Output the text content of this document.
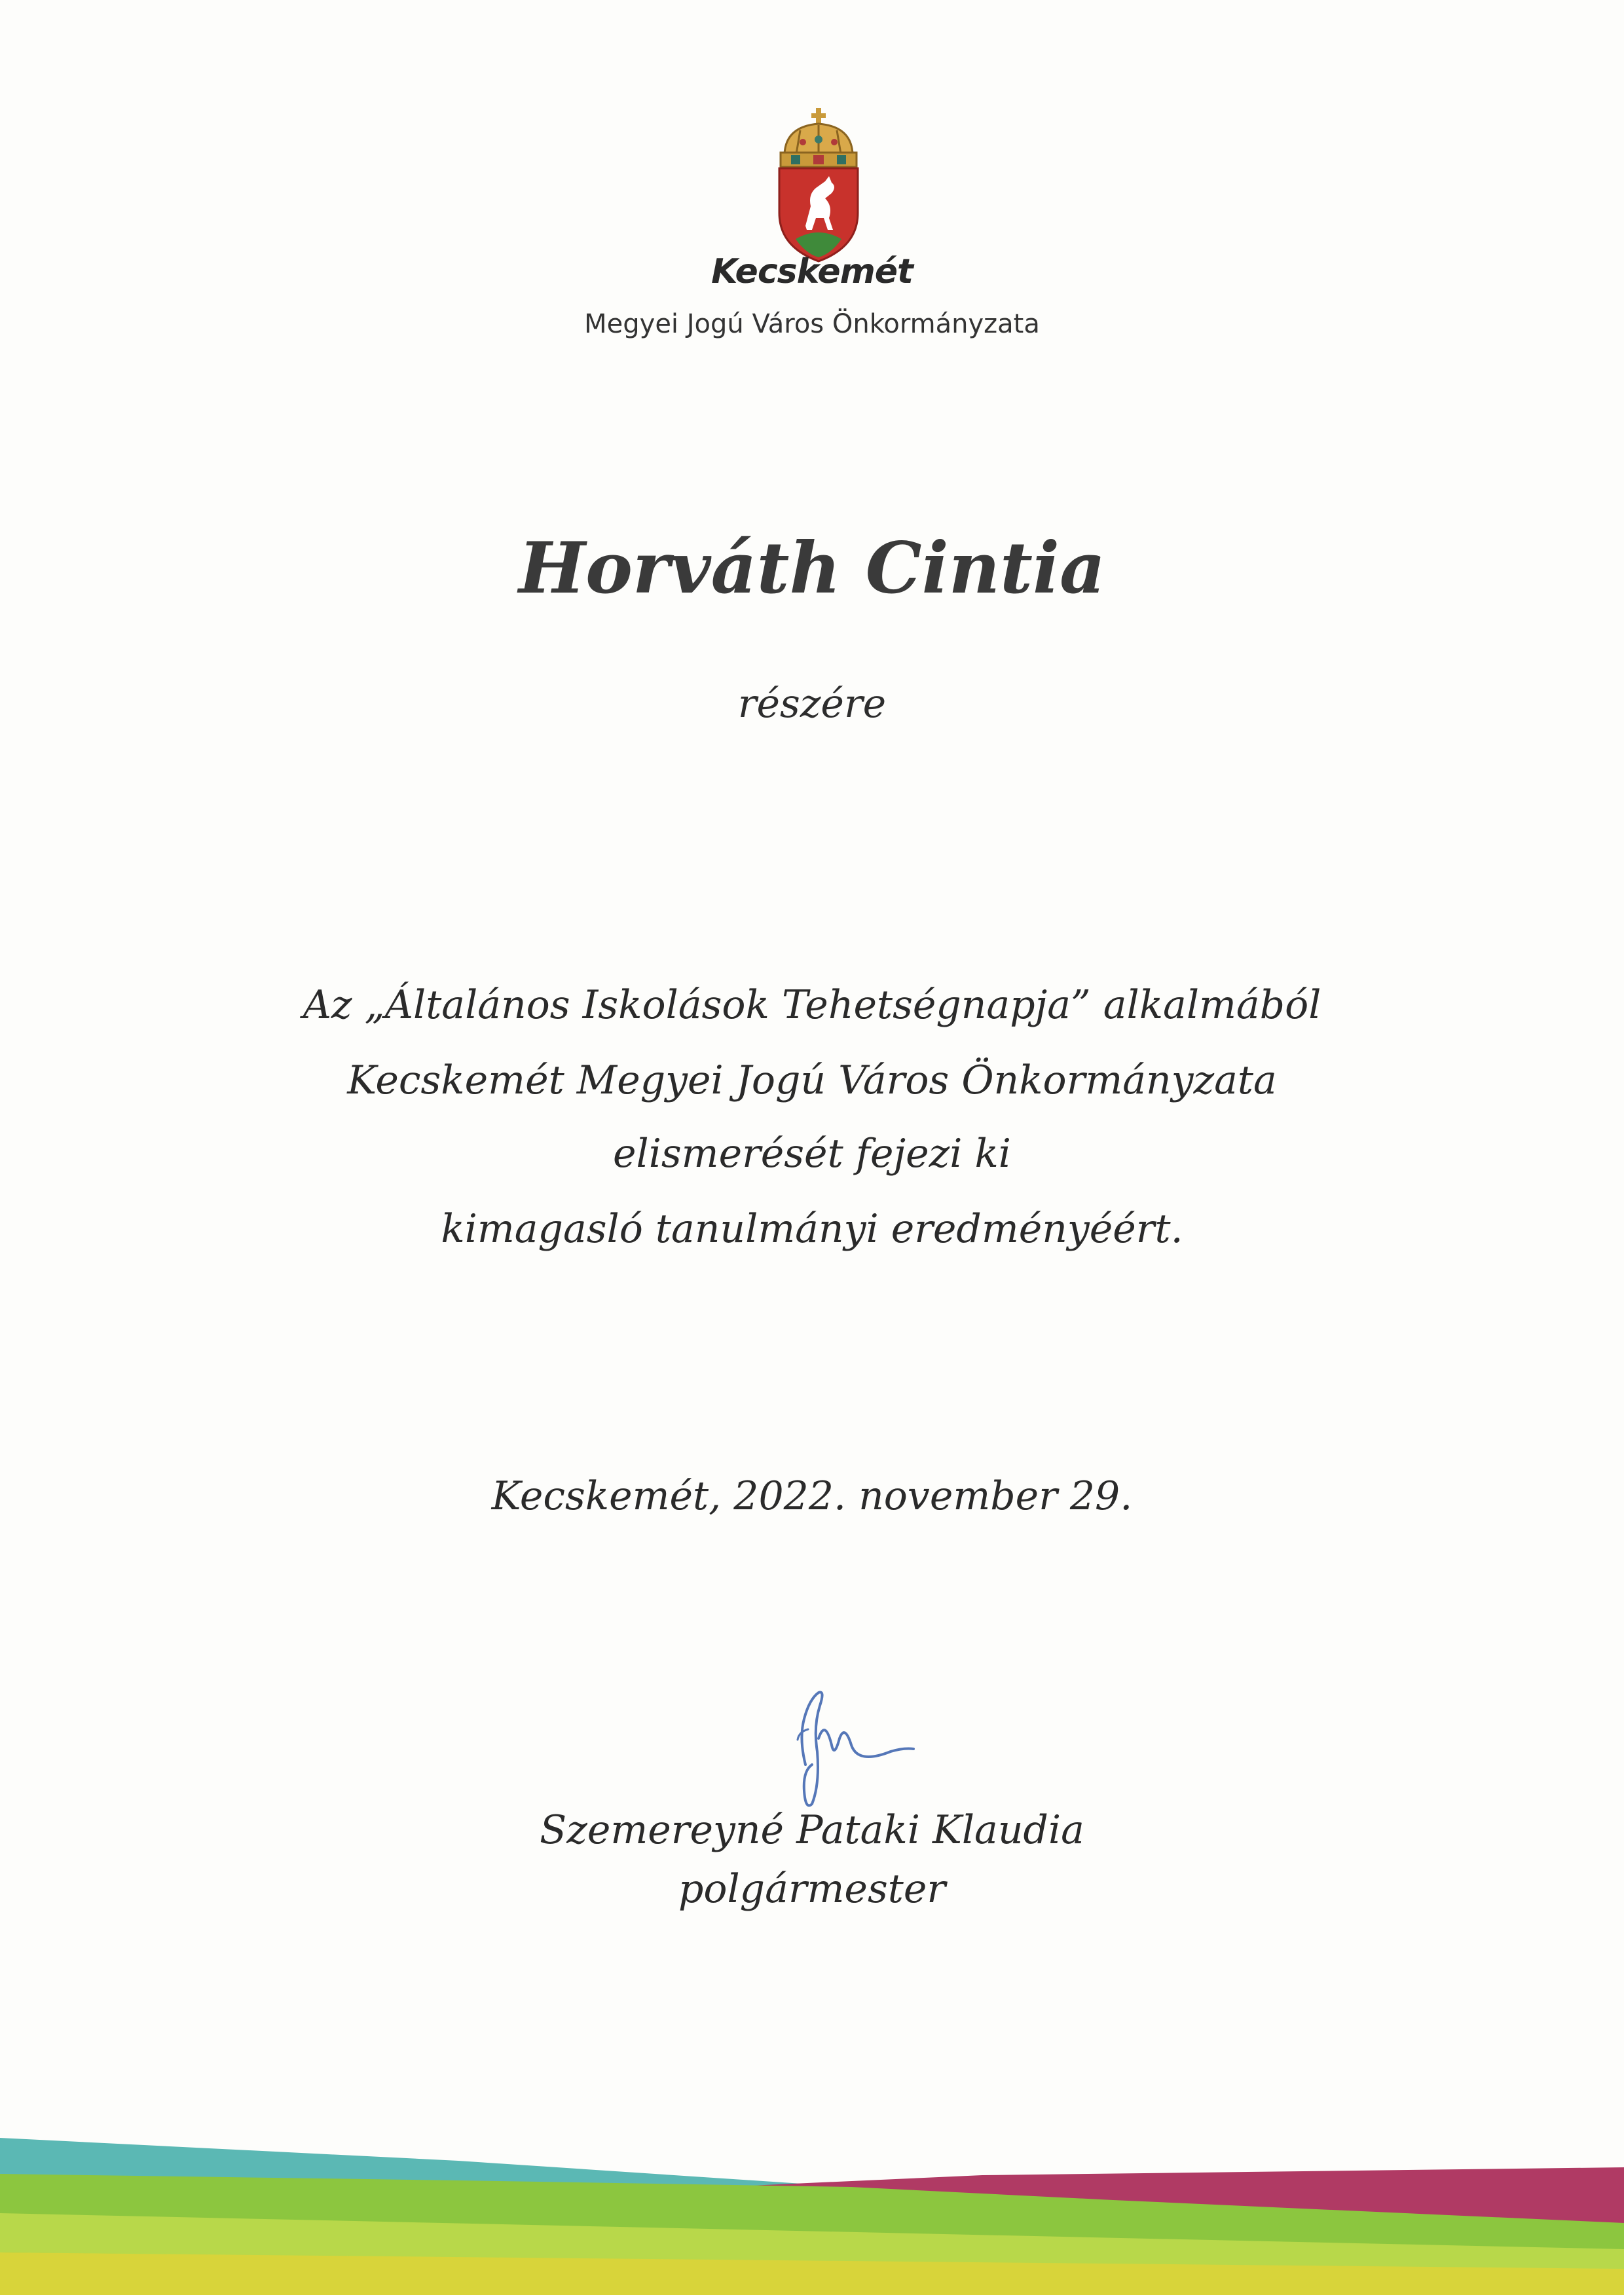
Kecskemét
Megyei Jogú Város Önkormányzata
Horváth Cintia
részére
Az „Általános Iskolások Tehetségnapja” alkalmából
Kecskemét Megyei Jogú Város Önkormányzata
elismerését fejezi ki
kimagasló tanulmányi eredményéért.
Kecskemét, 2022. november 29.
Szemereyné Pataki Klaudia
polgármester
